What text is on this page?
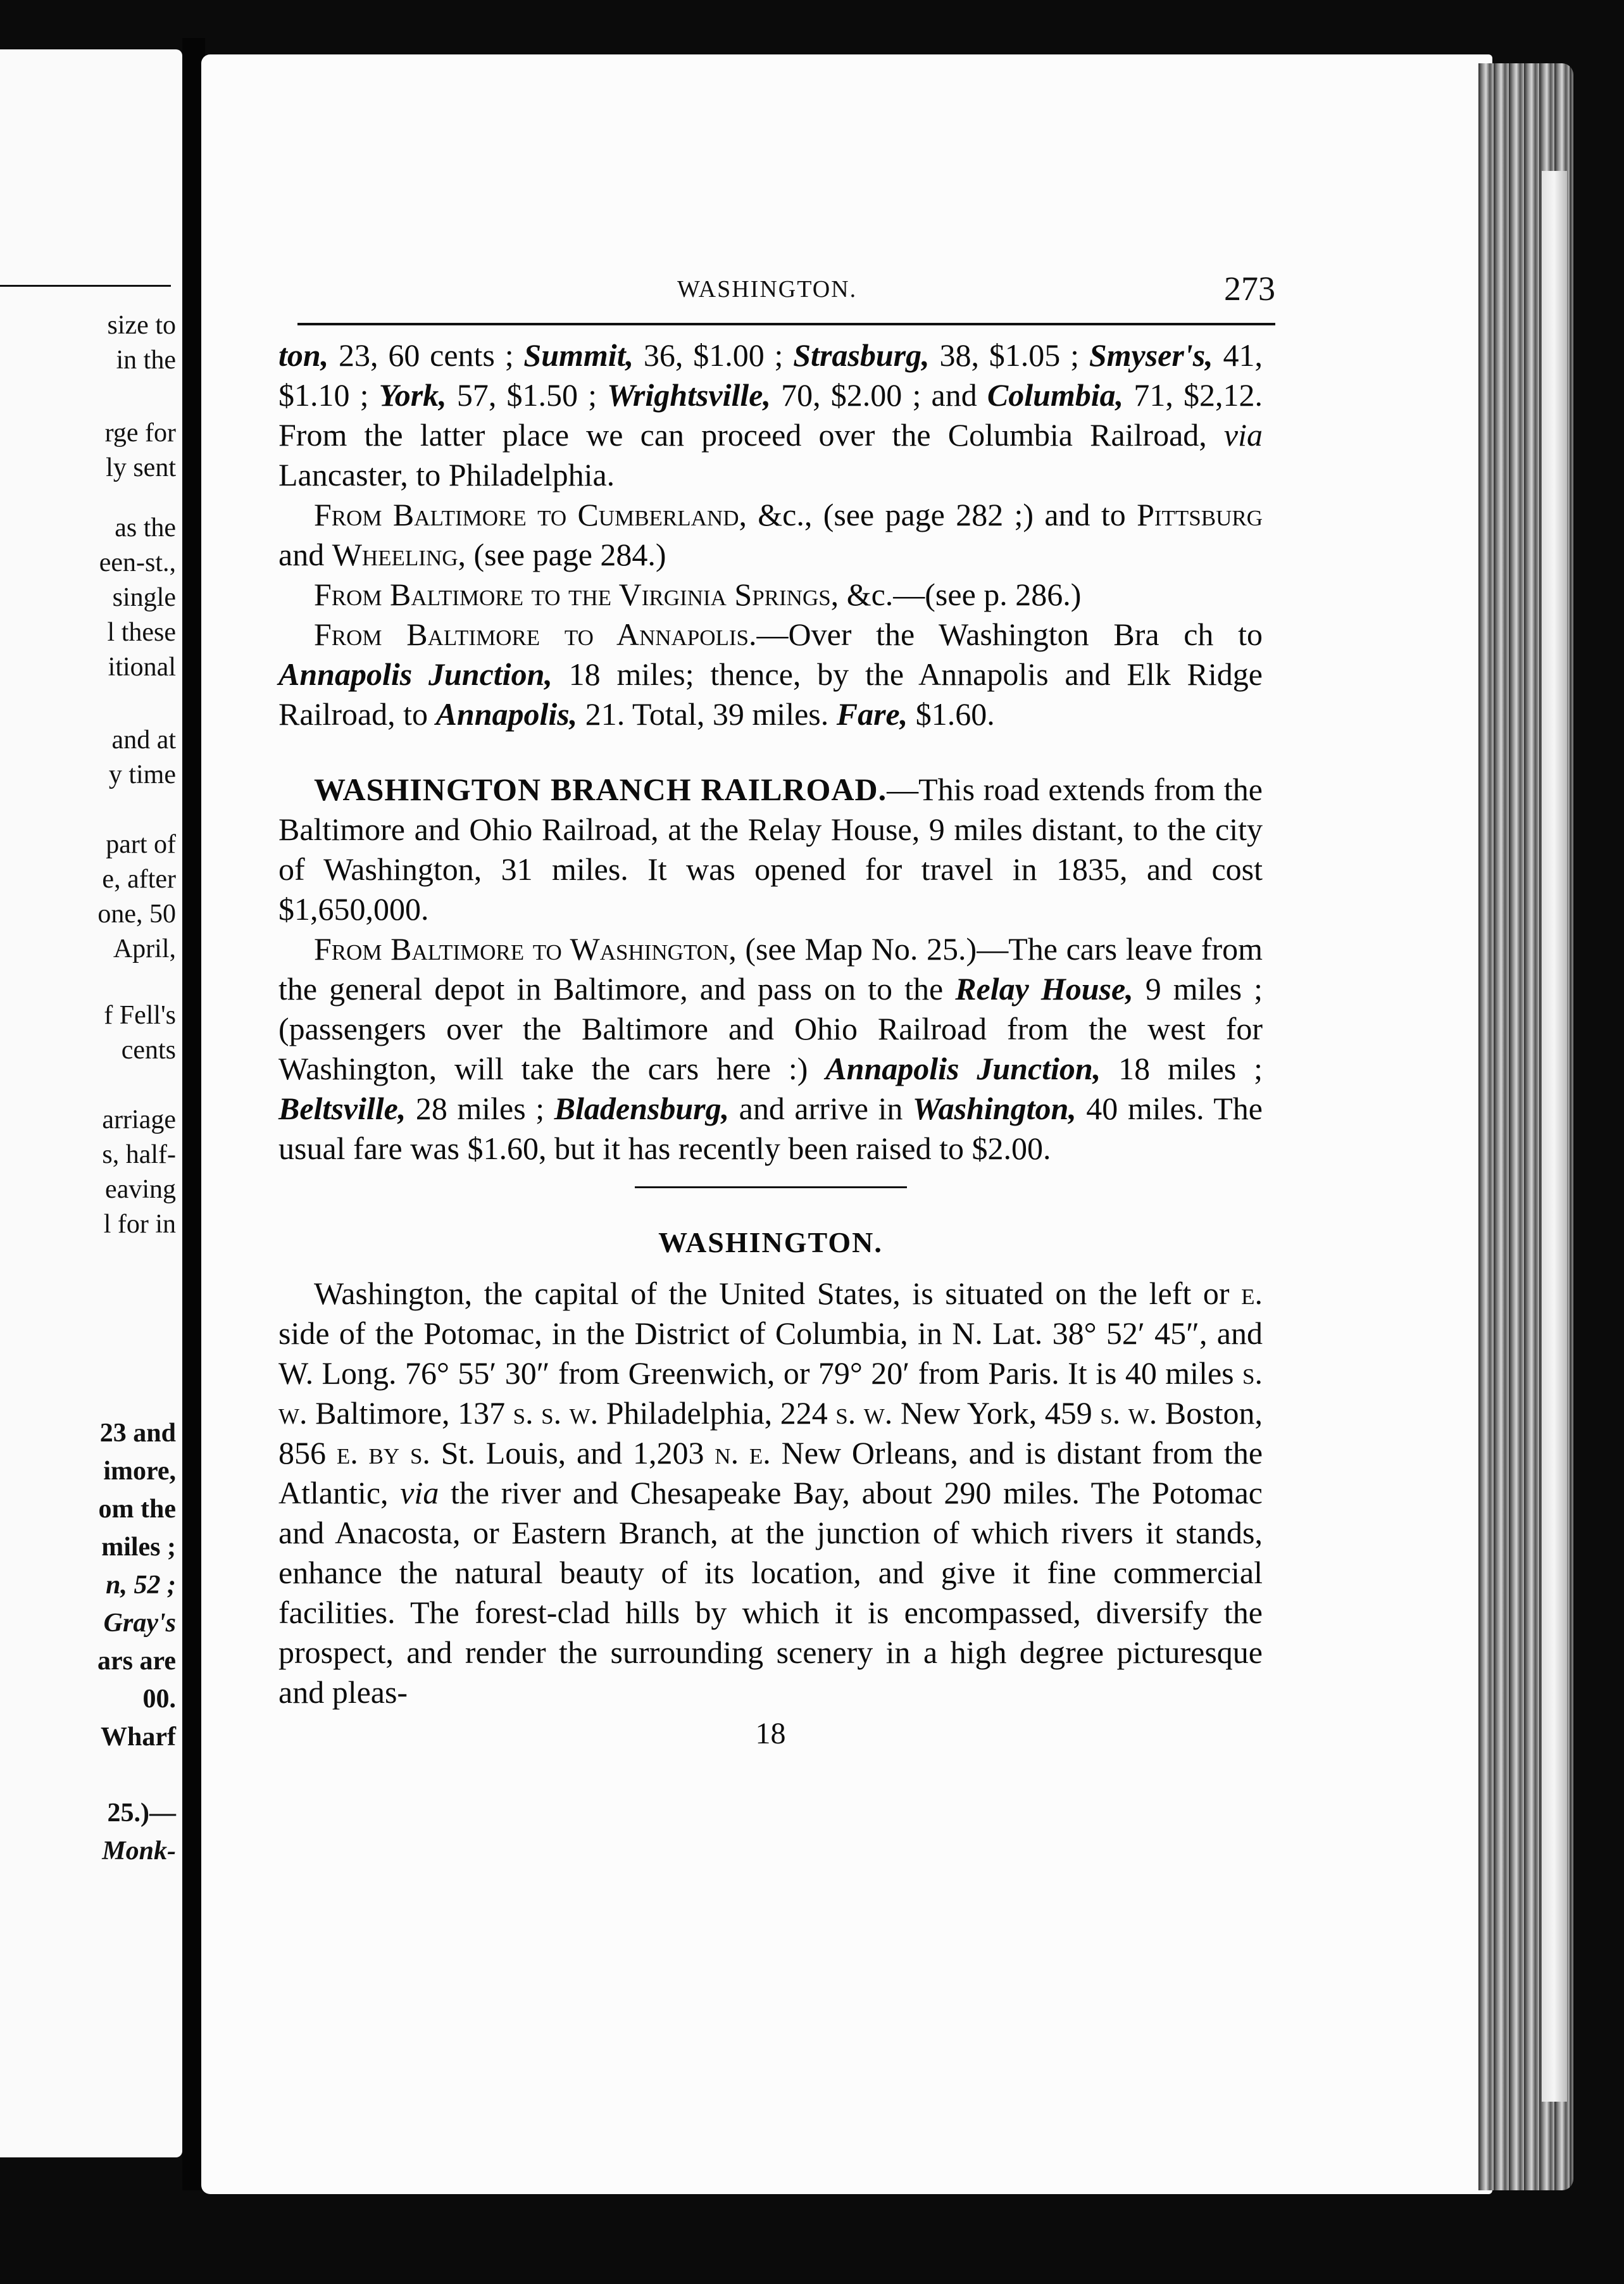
size to
in the
rge for
ly sent
as the
een-st.,
single
l these
itional
and at
y time
part of
e, after
one, 50
April,
f Fell's
cents
arriage
s, half-
eaving
l for in
23 and
imore,
om the
miles ;
n, 52 ;
Gray's
ars are
00.
Wharf
25.)—
Monk-
WASHINGTON.	273

ton, 23, 60 cents ; Summit, 36, $1.00 ; Strasburg, 38, $1.05 ; Smyser's, 41, $1.10 ; York, 57, $1.50 ; Wrightsville, 70, $2.00 ; and Columbia, 71, $2,12. From the latter place we can proceed over the Columbia Railroad, via Lancaster, to Philadelphia.

From Baltimore to Cumberland, &c., (see page 282 ;) and to Pittsburg and Wheeling, (see page 284.)

From Baltimore to the Virginia Springs, &c.—(see p. 286.)

From Baltimore to Annapolis.—Over the Washington Bra ch to Annapolis Junction, 18 miles; thence, by the Annapolis and Elk Ridge Railroad, to Annapolis, 21. Total, 39 miles. Fare, $1.60.

WASHINGTON BRANCH RAILROAD.—This road extends from the Baltimore and Ohio Railroad, at the Relay House, 9 miles distant, to the city of Washington, 31 miles. It was opened for travel in 1835, and cost $1,650,000.

From Baltimore to Washington, (see Map No. 25.)—The cars leave from the general depot in Baltimore, and pass on to the Relay House, 9 miles ; (passengers over the Baltimore and Ohio Railroad from the west for Washington, will take the cars here :) Annapolis Junction, 18 miles ; Beltsville, 28 miles ; Bladensburg, and arrive in Washington, 40 miles. The usual fare was $1.60, but it has recently been raised to $2.00.

WASHINGTON.

Washington, the capital of the United States, is situated on the left or e. side of the Potomac, in the District of Columbia, in N. Lat. 38° 52′ 45″, and W. Long. 76° 55′ 30″ from Greenwich, or 79° 20′ from Paris. It is 40 miles s. w. Baltimore, 137 s. s. w. Philadelphia, 224 s. w. New York, 459 s. w. Boston, 856 e. by s. St. Louis, and 1,203 n. e. New Orleans, and is distant from the Atlantic, via the river and Chesapeake Bay, about 290 miles. The Potomac and Anacosta, or Eastern Branch, at the junction of which rivers it stands, enhance the natural beauty of its location, and give it fine commercial facilities. The forest-clad hills by which it is encompassed, diversify the prospect, and render the surrounding scenery in a high degree picturesque and pleas-

18
